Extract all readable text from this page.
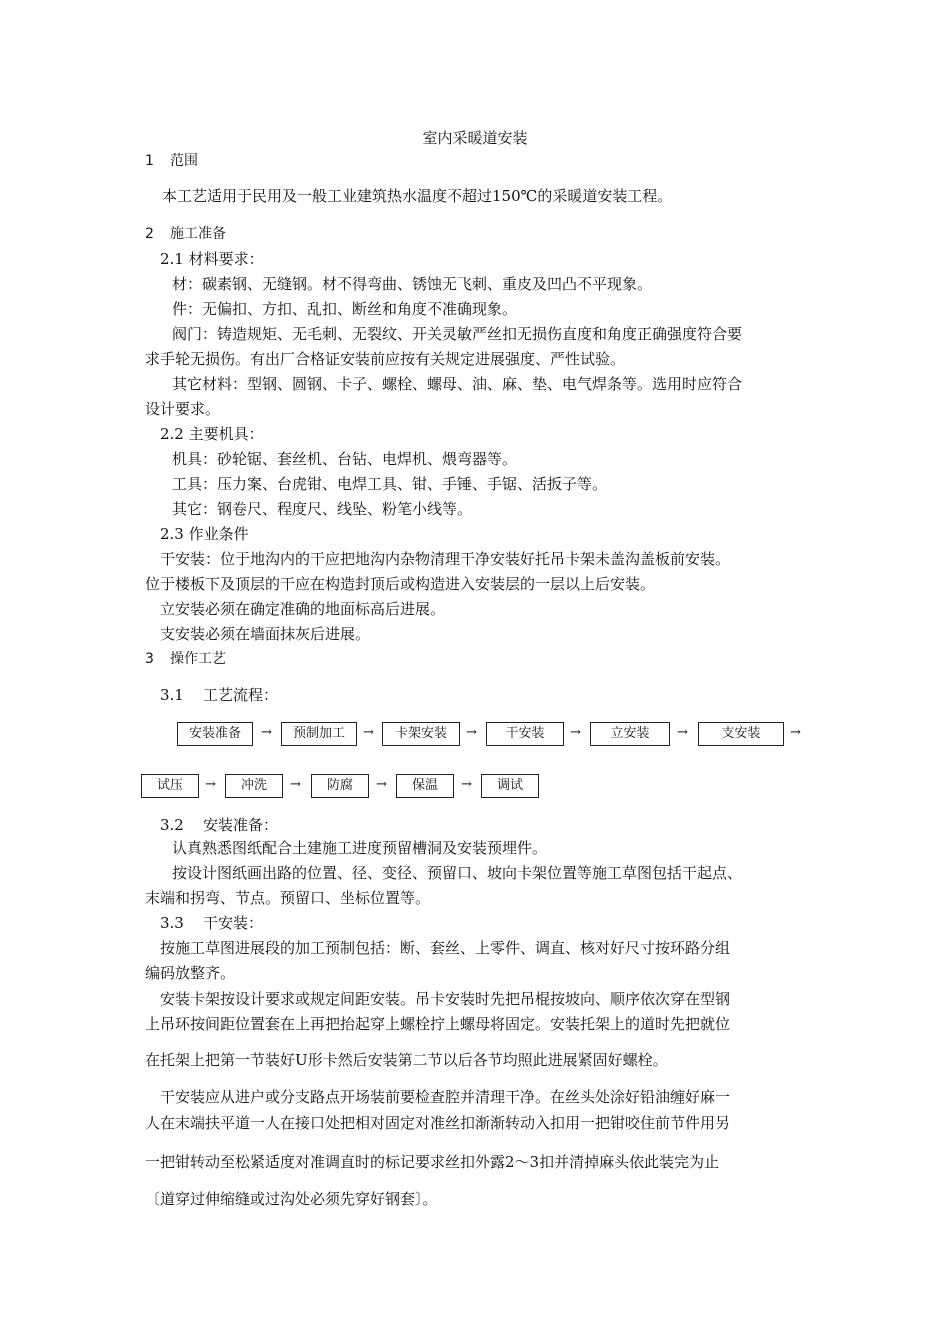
室内采暖道安装
1 范围
本工艺适用于民用及一般工业建筑热水温度不超过150℃的采暖道安装工程。
2 施工准备
2.1 材料要求：
材：碳素钢、无缝钢。材不得弯曲、锈蚀无飞刺、重皮及凹凸不平现象。
件：无偏扣、方扣、乱扣、断丝和角度不准确现象。
阀门：铸造规矩、无毛刺、无裂纹、开关灵敏严丝扣无损伤直度和角度正确强度符合要
求手轮无损伤。有出厂合格证安装前应按有关规定进展强度、严性试验。
其它材料：型钢、圆钢、卡子、螺栓、螺母、油、麻、垫、电气焊条等。选用时应符合
设计要求。
2.2 主要机具：
机具：砂轮锯、套丝机、台钻、电焊机、煨弯器等。
工具：压力案、台虎钳、电焊工具、钳、手锤、手锯、活扳子等。
其它：钢卷尺、程度尺、线坠、粉笔小线等。
2.3 作业条件
干安装：位于地沟内的干应把地沟内杂物清理干净安装好托吊卡架未盖沟盖板前安装。
位于楼板下及顶层的干应在构造封顶后或构造进入安装层的一层以上后安装。
立安装必须在确定准确的地面标高后进展。
支安装必须在墙面抹灰后进展。
3 操作工艺
3.1 工艺流程：
安装准备	→	预制加工	→	卡架安装	→	干安装	→	立安装	→	支安装	→
试压	→	冲洗	→	防腐	→	保温	→	调试
3.2 安装准备：
认真熟悉图纸配合土建施工进度预留槽洞及安装预埋件。
按设计图纸画出路的位置、径、变径、预留口、坡向卡架位置等施工草图包括干起点、
末端和拐弯、节点。预留口、坐标位置等。
3.3 干安装：
按施工草图进展段的加工预制包括：断、套丝、上零件、调直、核对好尺寸按环路分组
编码放整齐。
安装卡架按设计要求或规定间距安装。吊卡安装时先把吊棍按坡向、顺序依次穿在型钢
上吊环按间距位置套在上再把抬起穿上螺栓拧上螺母将固定。安装托架上的道时先把就位
在托架上把第一节装好U形卡然后安装第二节以后各节均照此进展紧固好螺栓。
干安装应从进户或分支路点开场装前要检查腔并清理干净。在丝头处涂好铅油缠好麻一
人在末端扶平道一人在接口处把相对固定对准丝扣渐渐转动入扣用一把钳咬住前节件用另
一把钳转动至松紧适度对准调直时的标记要求丝扣外露2～3扣并清掉麻头依此装完为止
〔道穿过伸缩缝或过沟处必须先穿好钢套〕。
